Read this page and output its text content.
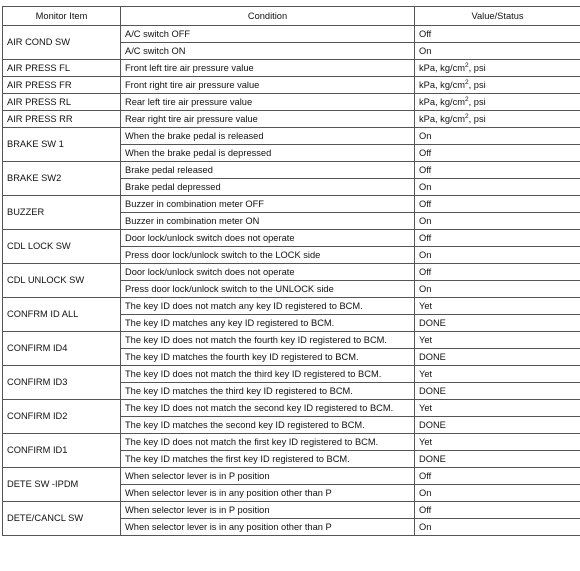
Monitor Item	Condition	Value/Status
AIR COND SW	A/C switch OFF	Off
	A/C switch ON	On
AIR PRESS FL	Front left tire air pressure value	kPa, $kg/cm^2$, psi
AIR PRESS FR	Front right tire air pressure value	kPa, $kg/cm^2$, psi
AIR PRESS RL	Rear left tire air pressure value	kPa, $kg/cm^2$, psi
AIR PRESS RR	Rear right tire air pressure value	kPa, $kg/cm^2$, psi
BRAKE SW 1	When the brake pedal is released	On
	When the brake pedal is depressed	Off
BRAKE SW2	Brake pedal released	Off
	Brake pedal depressed	On
BUZZER	Buzzer in combination meter OFF	Off
	Buzzer in combination meter ON	On
CDL LOCK SW	Door lock/unlock switch does not operate	Off
	Press door lock/unlock switch to the LOCK side	On
CDL UNLOCK SW	Door lock/unlock switch does not operate	Off
	Press door lock/unlock switch to the UNLOCK side	On
CONFRM ID ALL	The key ID does not match any key ID registered to BCM.	Yet
	The key ID matches any key ID registered to BCM.	DONE
CONFIRM ID4	The key ID does not match the fourth key ID registered to BCM.	Yet
	The key ID matches the fourth key ID registered to BCM.	DONE
CONFIRM ID3	The key ID does not match the third key ID registered to BCM.	Yet
	The key ID matches the third key ID registered to BCM.	DONE
CONFIRM ID2	The key ID does not match the second key ID registered to BCM.	Yet
	The key ID matches the second key ID registered to BCM.	DONE
CONFIRM ID1	The key ID does not match the first key ID registered to BCM.	Yet
	The key ID matches the first key ID registered to BCM.	DONE
DETE SW -IPDM	When selector lever is in P position	Off
	When selector lever is in any position other than P	On
DETE/CANCL SW	When selector lever is in P position	Off
	When selector lever is in any position other than P	On
